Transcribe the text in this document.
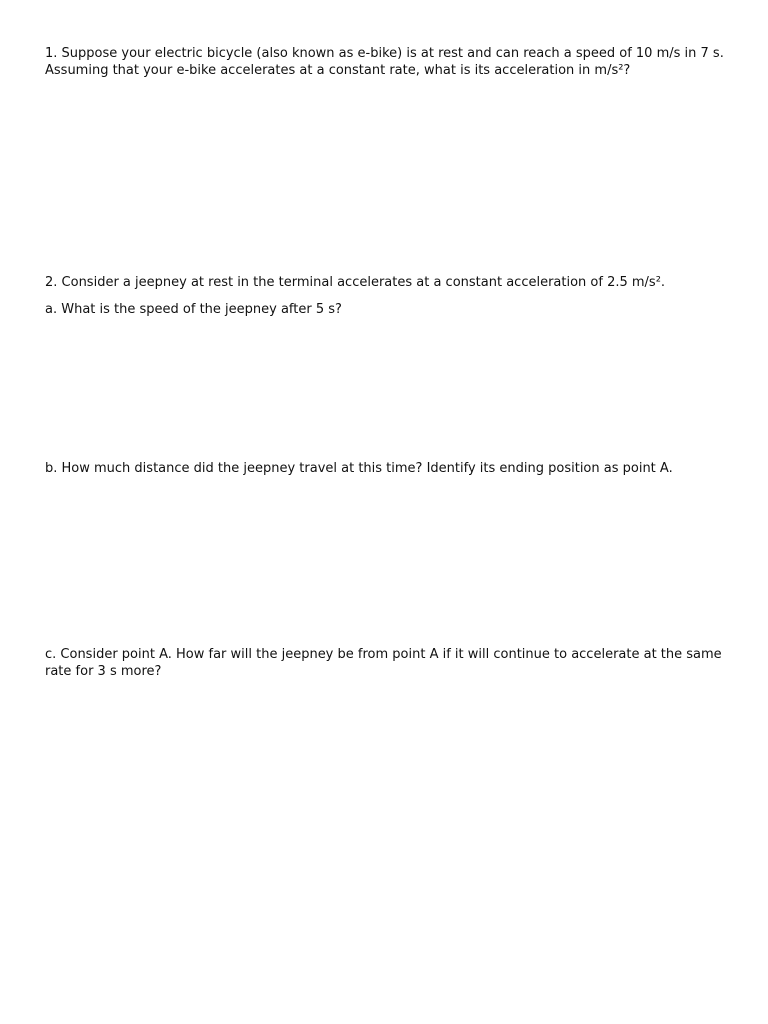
1. Suppose your electric bicycle (also known as e-bike) is at rest and can reach a speed of 10 m/s in 7 s.
Assuming that your e-bike accelerates at a constant rate, what is its acceleration in m/s²?

2. Consider a jeepney at rest in the terminal accelerates at a constant acceleration of 2.5 m/s².

a. What is the speed of the jeepney after 5 s?

b. How much distance did the jeepney travel at this time? Identify its ending position as point A.

c. Consider point A. How far will the jeepney be from point A if it will continue to accelerate at the same
rate for 3 s more?
